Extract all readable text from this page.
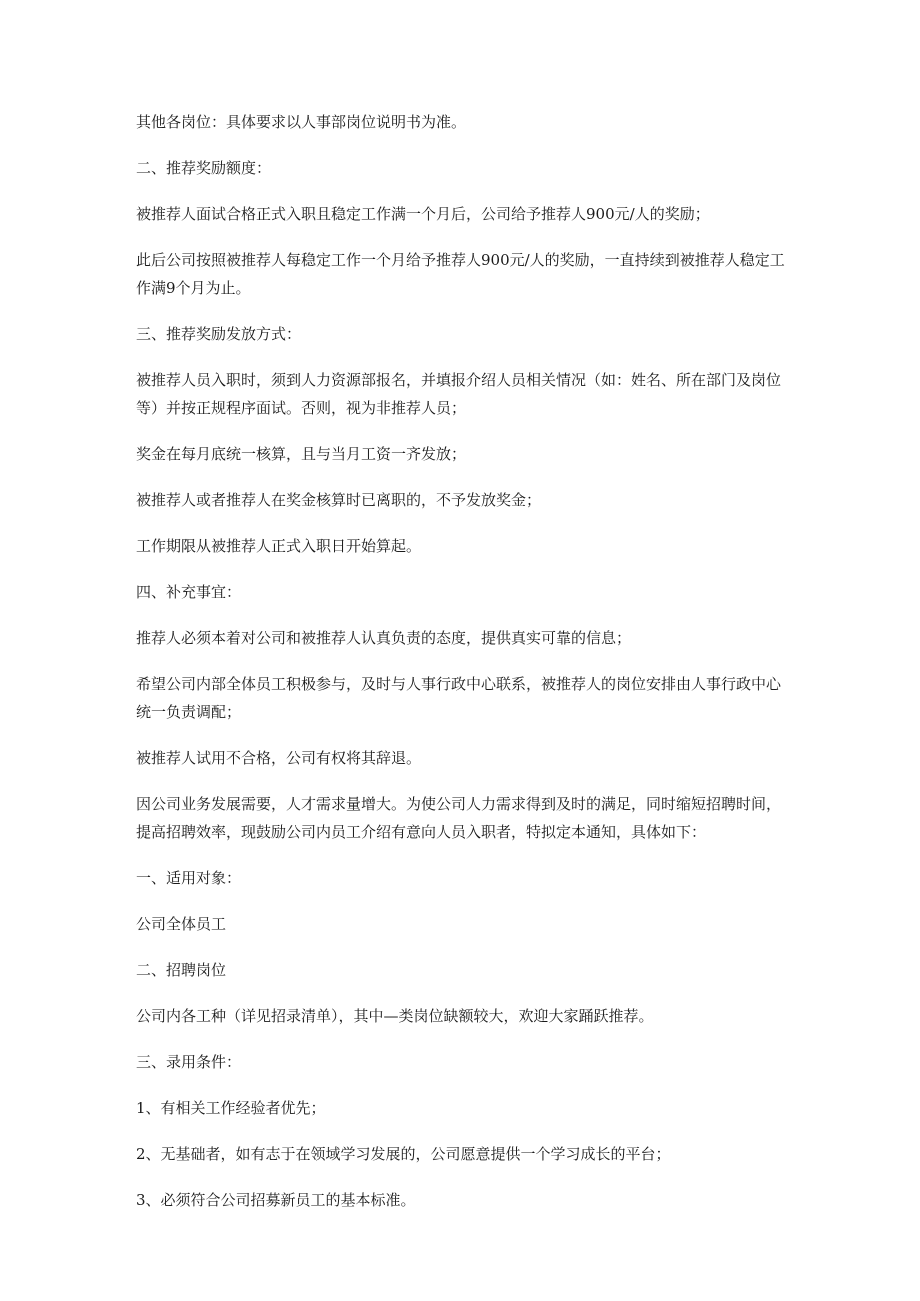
其他各岗位：具体要求以人事部岗位说明书为准。

二、推荐奖励额度：

被推荐人面试合格正式入职且稳定工作满一个月后，公司给予推荐人900元/人的奖励；

此后公司按照被推荐人每稳定工作一个月给予推荐人900元/人的奖励，一直持续到被推荐人稳定工作满9个月为止。

三、推荐奖励发放方式：

被推荐人员入职时，须到人力资源部报名，并填报介绍人员相关情况（如：姓名、所在部门及岗位等）并按正规程序面试。否则，视为非推荐人员；

奖金在每月底统一核算，且与当月工资一齐发放；

被推荐人或者推荐人在奖金核算时已离职的，不予发放奖金；

工作期限从被推荐人正式入职日开始算起。

四、补充事宜：

推荐人必须本着对公司和被推荐人认真负责的态度，提供真实可靠的信息；

希望公司内部全体员工积极参与，及时与人事行政中心联系，被推荐人的岗位安排由人事行政中心统一负责调配；

被推荐人试用不合格，公司有权将其辞退。

因公司业务发展需要，人才需求量增大。为使公司人力需求得到及时的满足，同时缩短招聘时间，提高招聘效率，现鼓励公司内员工介绍有意向人员入职者，特拟定本通知，具体如下：

一、适用对象：

公司全体员工

二、招聘岗位

公司内各工种（详见招录清单），其中—类岗位缺额较大，欢迎大家踊跃推荐。

三、录用条件：

1、有相关工作经验者优先；

2、无基础者，如有志于在领域学习发展的，公司愿意提供一个学习成长的平台；

3、必须符合公司招募新员工的基本标准。
